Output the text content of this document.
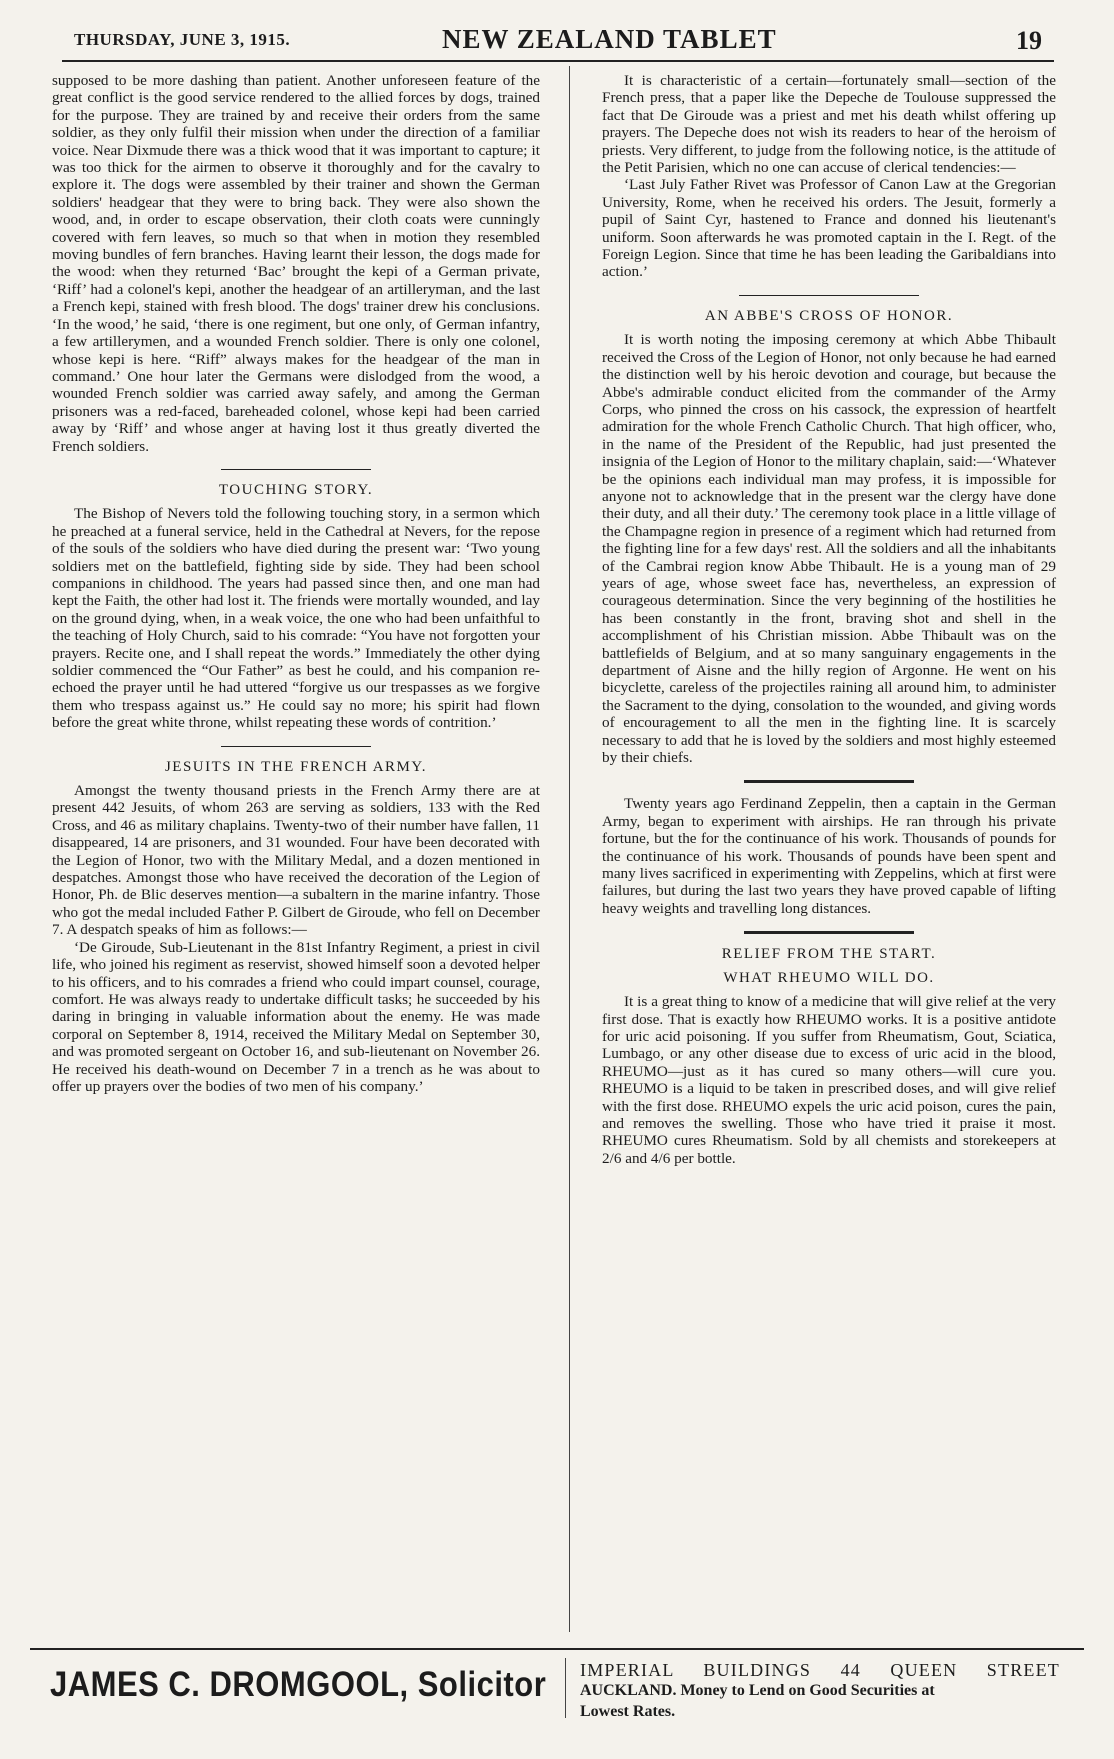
THURSDAY, JUNE 3, 1915.	NEW ZEALAND TABLET	19

supposed to be more dashing than patient. Another unforeseen feature of the great conflict is the good service rendered to the allied forces by dogs, trained for the purpose. They are trained by and receive their orders from the same soldier, as they only fulfil their mission when under the direction of a familiar voice. Near Dixmude there was a thick wood that it was important to capture; it was too thick for the airmen to observe it thoroughly and for the cavalry to explore it. The dogs were assembled by their trainer and shown the German soldiers' headgear that they were to bring back. They were also shown the wood, and, in order to escape observation, their cloth coats were cunningly covered with fern leaves, so much so that when in motion they resembled moving bundles of fern branches. Having learnt their lesson, the dogs made for the wood: when they returned ‘Bac’ brought the kepi of a German private, ‘Riff’ had a colonel's kepi, another the headgear of an artilleryman, and the last a French kepi, stained with fresh blood. The dogs' trainer drew his conclusions. ‘In the wood,’ he said, ‘there is one regiment, but one only, of German infantry, a few artillerymen, and a wounded French soldier. There is only one colonel, whose kepi is here. “Riff” always makes for the headgear of the man in command.’ One hour later the Germans were dislodged from the wood, a wounded French soldier was carried away safely, and among the German prisoners was a red-faced, bareheaded colonel, whose kepi had been carried away by ‘Riff’ and whose anger at having lost it thus greatly diverted the French soldiers.

TOUCHING STORY.

The Bishop of Nevers told the following touching story, in a sermon which he preached at a funeral service, held in the Cathedral at Nevers, for the repose of the souls of the soldiers who have died during the present war: ‘Two young soldiers met on the battlefield, fighting side by side. They had been school companions in childhood. The years had passed since then, and one man had kept the Faith, the other had lost it. The friends were mortally wounded, and lay on the ground dying, when, in a weak voice, the one who had been unfaithful to the teaching of Holy Church, said to his comrade: “You have not forgotten your prayers. Recite one, and I shall repeat the words.” Immediately the other dying soldier commenced the “Our Father” as best he could, and his companion re-echoed the prayer until he had uttered “forgive us our trespasses as we forgive them who trespass against us.” He could say no more; his spirit had flown before the great white throne, whilst repeating these words of contrition.’

JESUITS IN THE FRENCH ARMY.

Amongst the twenty thousand priests in the French Army there are at present 442 Jesuits, of whom 263 are serving as soldiers, 133 with the Red Cross, and 46 as military chaplains. Twenty-two of their number have fallen, 11 disappeared, 14 are prisoners, and 31 wounded. Four have been decorated with the Legion of Honor, two with the Military Medal, and a dozen mentioned in despatches. Amongst those who have received the decoration of the Legion of Honor, Ph. de Blic deserves mention—a subaltern in the marine infantry. Those who got the medal included Father P. Gilbert de Giroude, who fell on December 7. A despatch speaks of him as follows:—

‘De Giroude, Sub-Lieutenant in the 81st Infantry Regiment, a priest in civil life, who joined his regiment as reservist, showed himself soon a devoted helper to his officers, and to his comrades a friend who could impart counsel, courage, comfort. He was always ready to undertake difficult tasks; he succeeded by his daring in bringing in valuable information about the enemy. He was made corporal on September 8, 1914, received the Military Medal on September 30, and was promoted sergeant on October 16, and sub-lieutenant on November 26. He received his death-wound on December 7 in a trench as he was about to offer up prayers over the bodies of two men of his company.’

It is characteristic of a certain—fortunately small—section of the French press, that a paper like the Depeche de Toulouse suppressed the fact that De Giroude was a priest and met his death whilst offering up prayers. The Depeche does not wish its readers to hear of the heroism of priests. Very different, to judge from the following notice, is the attitude of the Petit Parisien, which no one can accuse of clerical tendencies:—

‘Last July Father Rivet was Professor of Canon Law at the Gregorian University, Rome, when he received his orders. The Jesuit, formerly a pupil of Saint Cyr, hastened to France and donned his lieutenant's uniform. Soon afterwards he was promoted captain in the I. Regt. of the Foreign Legion. Since that time he has been leading the Garibaldians into action.’

AN ABBE'S CROSS OF HONOR.

It is worth noting the imposing ceremony at which Abbe Thibault received the Cross of the Legion of Honor, not only because he had earned the distinction well by his heroic devotion and courage, but because the Abbe's admirable conduct elicited from the commander of the Army Corps, who pinned the cross on his cassock, the expression of heartfelt admiration for the whole French Catholic Church. That high officer, who, in the name of the President of the Republic, had just presented the insignia of the Legion of Honor to the military chaplain, said:—‘Whatever be the opinions each individual man may profess, it is impossible for anyone not to acknowledge that in the present war the clergy have done their duty, and all their duty.’ The ceremony took place in a little village of the Champagne region in presence of a regiment which had returned from the fighting line for a few days' rest. All the soldiers and all the inhabitants of the Cambrai region know Abbe Thibault. He is a young man of 29 years of age, whose sweet face has, nevertheless, an expression of courageous determination. Since the very beginning of the hostilities he has been constantly in the front, braving shot and shell in the accomplishment of his Christian mission. Abbe Thibault was on the battlefields of Belgium, and at so many sanguinary engagements in the department of Aisne and the hilly region of Argonne. He went on his bicyclette, careless of the projectiles raining all around him, to administer the Sacrament to the dying, consolation to the wounded, and giving words of encouragement to all the men in the fighting line. It is scarcely necessary to add that he is loved by the soldiers and most highly esteemed by their chiefs.

Twenty years ago Ferdinand Zeppelin, then a captain in the German Army, began to experiment with airships. He ran through his private fortune, but the for the continuance of his work. Thousands of pounds for the continuance of his work. Thousands of pounds have been spent and many lives sacrificed in experimenting with Zeppelins, which at first were failures, but during the last two years they have proved capable of lifting heavy weights and travelling long distances.

RELIEF FROM THE START.
WHAT RHEUMO WILL DO.

It is a great thing to know of a medicine that will give relief at the very first dose. That is exactly how RHEUMO works. It is a positive antidote for uric acid poisoning. If you suffer from Rheumatism, Gout, Sciatica, Lumbago, or any other disease due to excess of uric acid in the blood, RHEUMO—just as it has cured so many others—will cure you. RHEUMO is a liquid to be taken in prescribed doses, and will give relief with the first dose. RHEUMO expels the uric acid poison, cures the pain, and removes the swelling. Those who have tried it praise it most. RHEUMO cures Rheumatism. Sold by all chemists and storekeepers at 2/6 and 4/6 per bottle.

JAMES C. DROMGOOL, Solicitor IMPERIAL BUILDINGS 44 QUEEN STREET
AUCKLAND. Money to Lend on Good Securities at
Lowest Rates.
